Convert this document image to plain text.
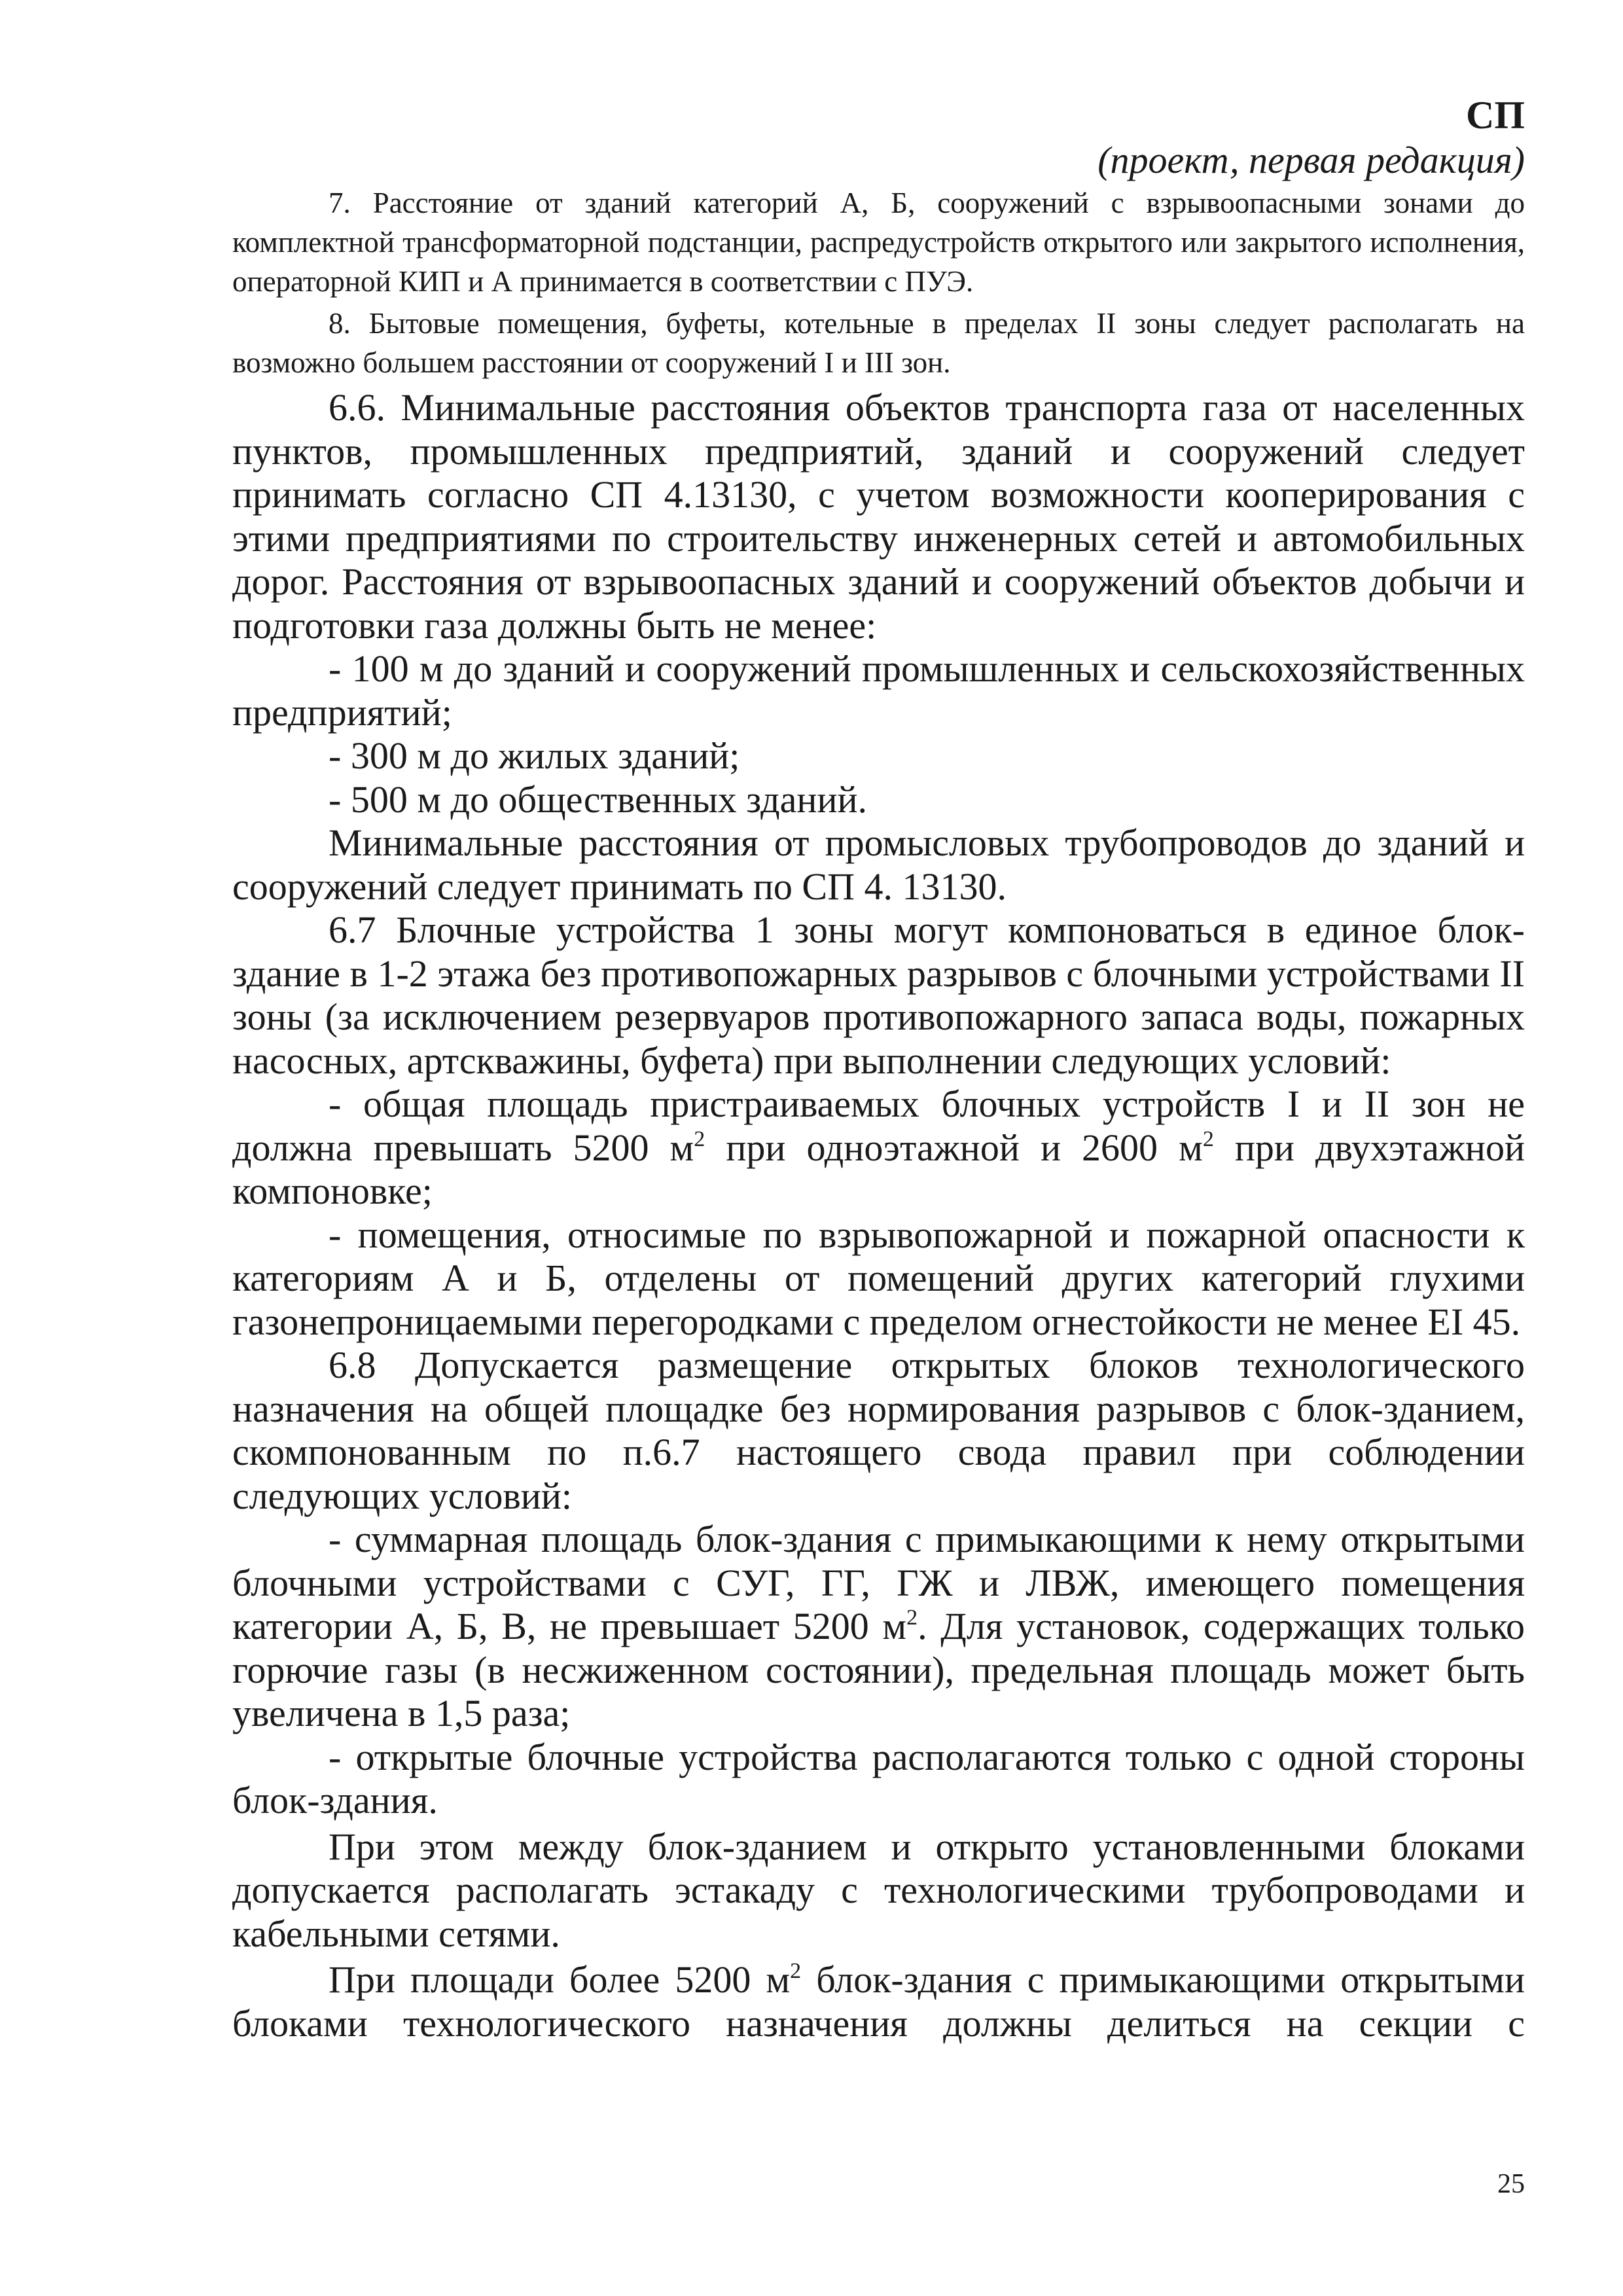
СП

(проект, первая редакция)

7. Расстояние от зданий категорий А, Б, сооружений с взрывоопасными зонами до комплектной трансформаторной подстанции, распредустройств открытого или закрытого исполнения, операторной КИП и А принимается в соответствии с ПУЭ.

8. Бытовые помещения, буфеты, котельные в пределах II зоны следует располагать на возможно большем расстоянии от сооружений I и III зон.

6.6. Минимальные расстояния объектов транспорта газа от населенных пунктов, промышленных предприятий, зданий и сооружений следует принимать согласно СП 4.13130, с учетом возможности кооперирования с этими предприятиями по строительству инженерных сетей и автомобильных дорог. Расстояния от взрывоопасных зданий и сооружений объектов добычи и подготовки газа должны быть не менее:

- 100 м до зданий и сооружений промышленных и сельскохозяйственных предприятий;

- 300 м до жилых зданий;

- 500 м до общественных зданий.

Минимальные расстояния от промысловых трубопроводов до зданий и сооружений следует принимать по СП 4. 13130.

6.7 Блочные устройства 1 зоны могут компоноваться в единое блок-здание в 1-2 этажа без противопожарных разрывов с блочными устройствами II зоны (за исключением резервуаров противопожарного запаса воды, пожарных насосных, артскважины, буфета) при выполнении следующих условий:

- общая площадь пристраиваемых блочных устройств I и II зон не должна превышать 5200 $м^2$ при одноэтажной и 2600 $м^2$ при двухэтажной компоновке;

- помещения, относимые по взрывопожарной и пожарной опасности к категориям А и Б, отделены от помещений других категорий глухими газонепроницаемыми перегородками с пределом огнестойкости не менее EI 45.

6.8 Допускается размещение открытых блоков технологического назначения на общей площадке без нормирования разрывов с блок-зданием, скомпонованным по п.6.7 настоящего свода правил при соблюдении следующих условий:

- суммарная площадь блок-здания с примыкающими к нему открытыми блочными устройствами с СУГ, ГГ, ГЖ и ЛВЖ, имеющего помещения категории А, Б, В, не превышает 5200 $м^2$. Для установок, содержащих только горючие газы (в несжиженном состоянии), предельная площадь может быть увеличена в 1,5 раза;

- открытые блочные устройства располагаются только с одной стороны блок-здания.

При этом между блок-зданием и открыто установленными блоками допускается располагать эстакаду с технологическими трубопроводами и кабельными сетями.

При площади более 5200 $м^2$ блок-здания с примыкающими открытыми блоками технологического назначения должны делиться на секции с

25
